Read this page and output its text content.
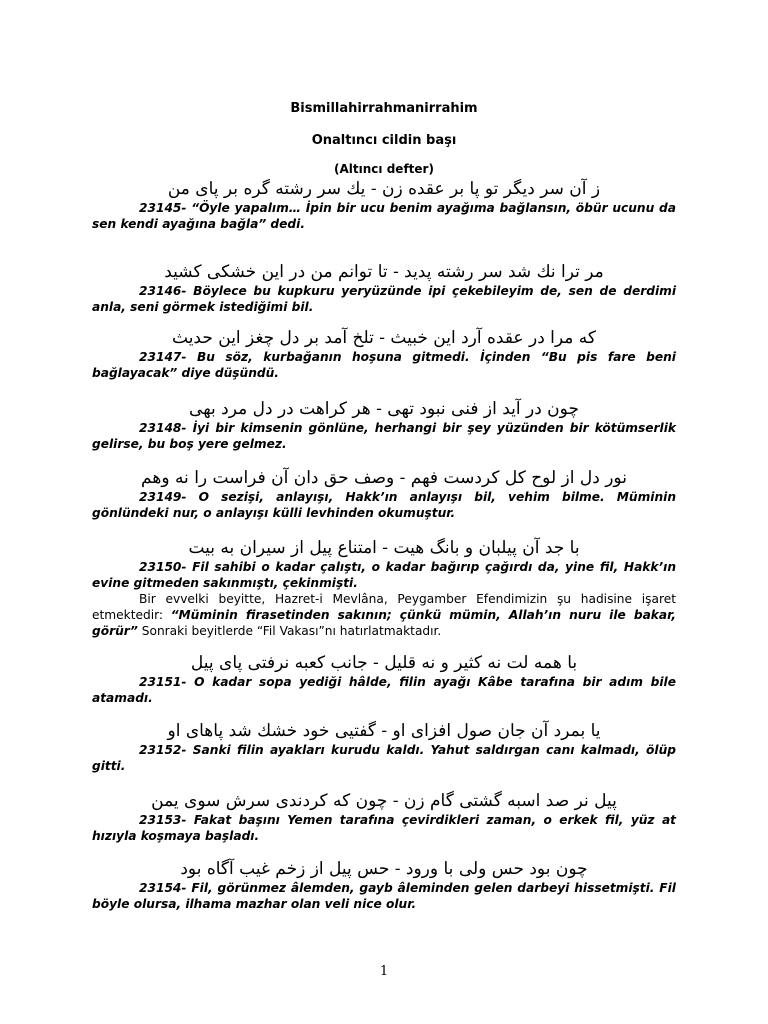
Bismillahirrahmanirrahim
Onaltıncı cildin başı
(Altıncı defter)
ز آن سر دیگر تو پا بر عقده زن - یك سر رشته گره بر پای من
23145- “Öyle yapalım… İpin bir ucu benim ayağıma bağlansın, öbür ucunu da sen kendi ayağına bağla” dedi.
مر ترا نك شد سر رشته پدید - تا توانم من در این خشكی كشید
23146- Böylece bu kupkuru yeryüzünde ipi çekebileyim de, sen de derdimi anla, seni görmek istediğimi bil.
كه مرا در عقده آرد این خبیث - تلخ آمد بر دل چغز این حدیث
23147- Bu söz, kurbağanın hoşuna gitmedi. İçinden “Bu pis fare beni bağlayacak” diye düşündü.
چون در آید از فنی نبود تهی - هر كراهت در دل مرد بهی
23148- İyi bir kimsenin gönlüne, herhangi bir şey yüzünden bir kötümserlik gelirse, bu boş yere gelmez.
نور دل از لوح كل كردست فهم - وصف حق دان آن فراست را نه وهم
23149- O sezişi, anlayışı, Hakk’ın anlayışı bil, vehim bilme. Müminin gönlündeki nur, o anlayışı külli levhinden okumuştur.
با جد آن پیلبان و بانگ هیت - امتناع پیل از سیران به بیت
23150- Fil sahibi o kadar çalıştı, o kadar bağırıp çağırdı da, yine fil, Hakk’ın evine gitmeden sakınmıştı, çekinmişti.
Bir evvelki beyitte, Hazret-i Mevlâna, Peygamber Efendimizin şu hadisine işaret etmektedir: “Müminin firasetinden sakının; çünkü mümin, Allah’ın nuru ile bakar, görür” Sonraki beyitlerde “Fil Vakası”nı hatırlatmaktadır.
با همه لت نه كثیر و نه قلیل - جانب كعبه نرفتی پای پیل
23151- O kadar sopa yediği hâlde, filin ayağı Kâbe tarafına bir adım bile atamadı.
یا بمرد آن جان صول افزای او - گفتیی خود خشك شد پاهای او
23152- Sanki filin ayakları kurudu kaldı. Yahut saldırgan canı kalmadı, ölüp gitti.
پیل نر صد اسبه گشتی گام زن - چون كه كردندی سرش سوی یمن
23153- Fakat başını Yemen tarafına çevirdikleri zaman, o erkek fil, yüz at hızıyla koşmaya başladı.
چون بود حس ولی با ورود - حس پیل از زخم غیب آگاه بود
23154- Fil, görünmez âlemden, gayb âleminden gelen darbeyi hissetmişti. Fil böyle olursa, ilhama mazhar olan veli nice olur.
1
